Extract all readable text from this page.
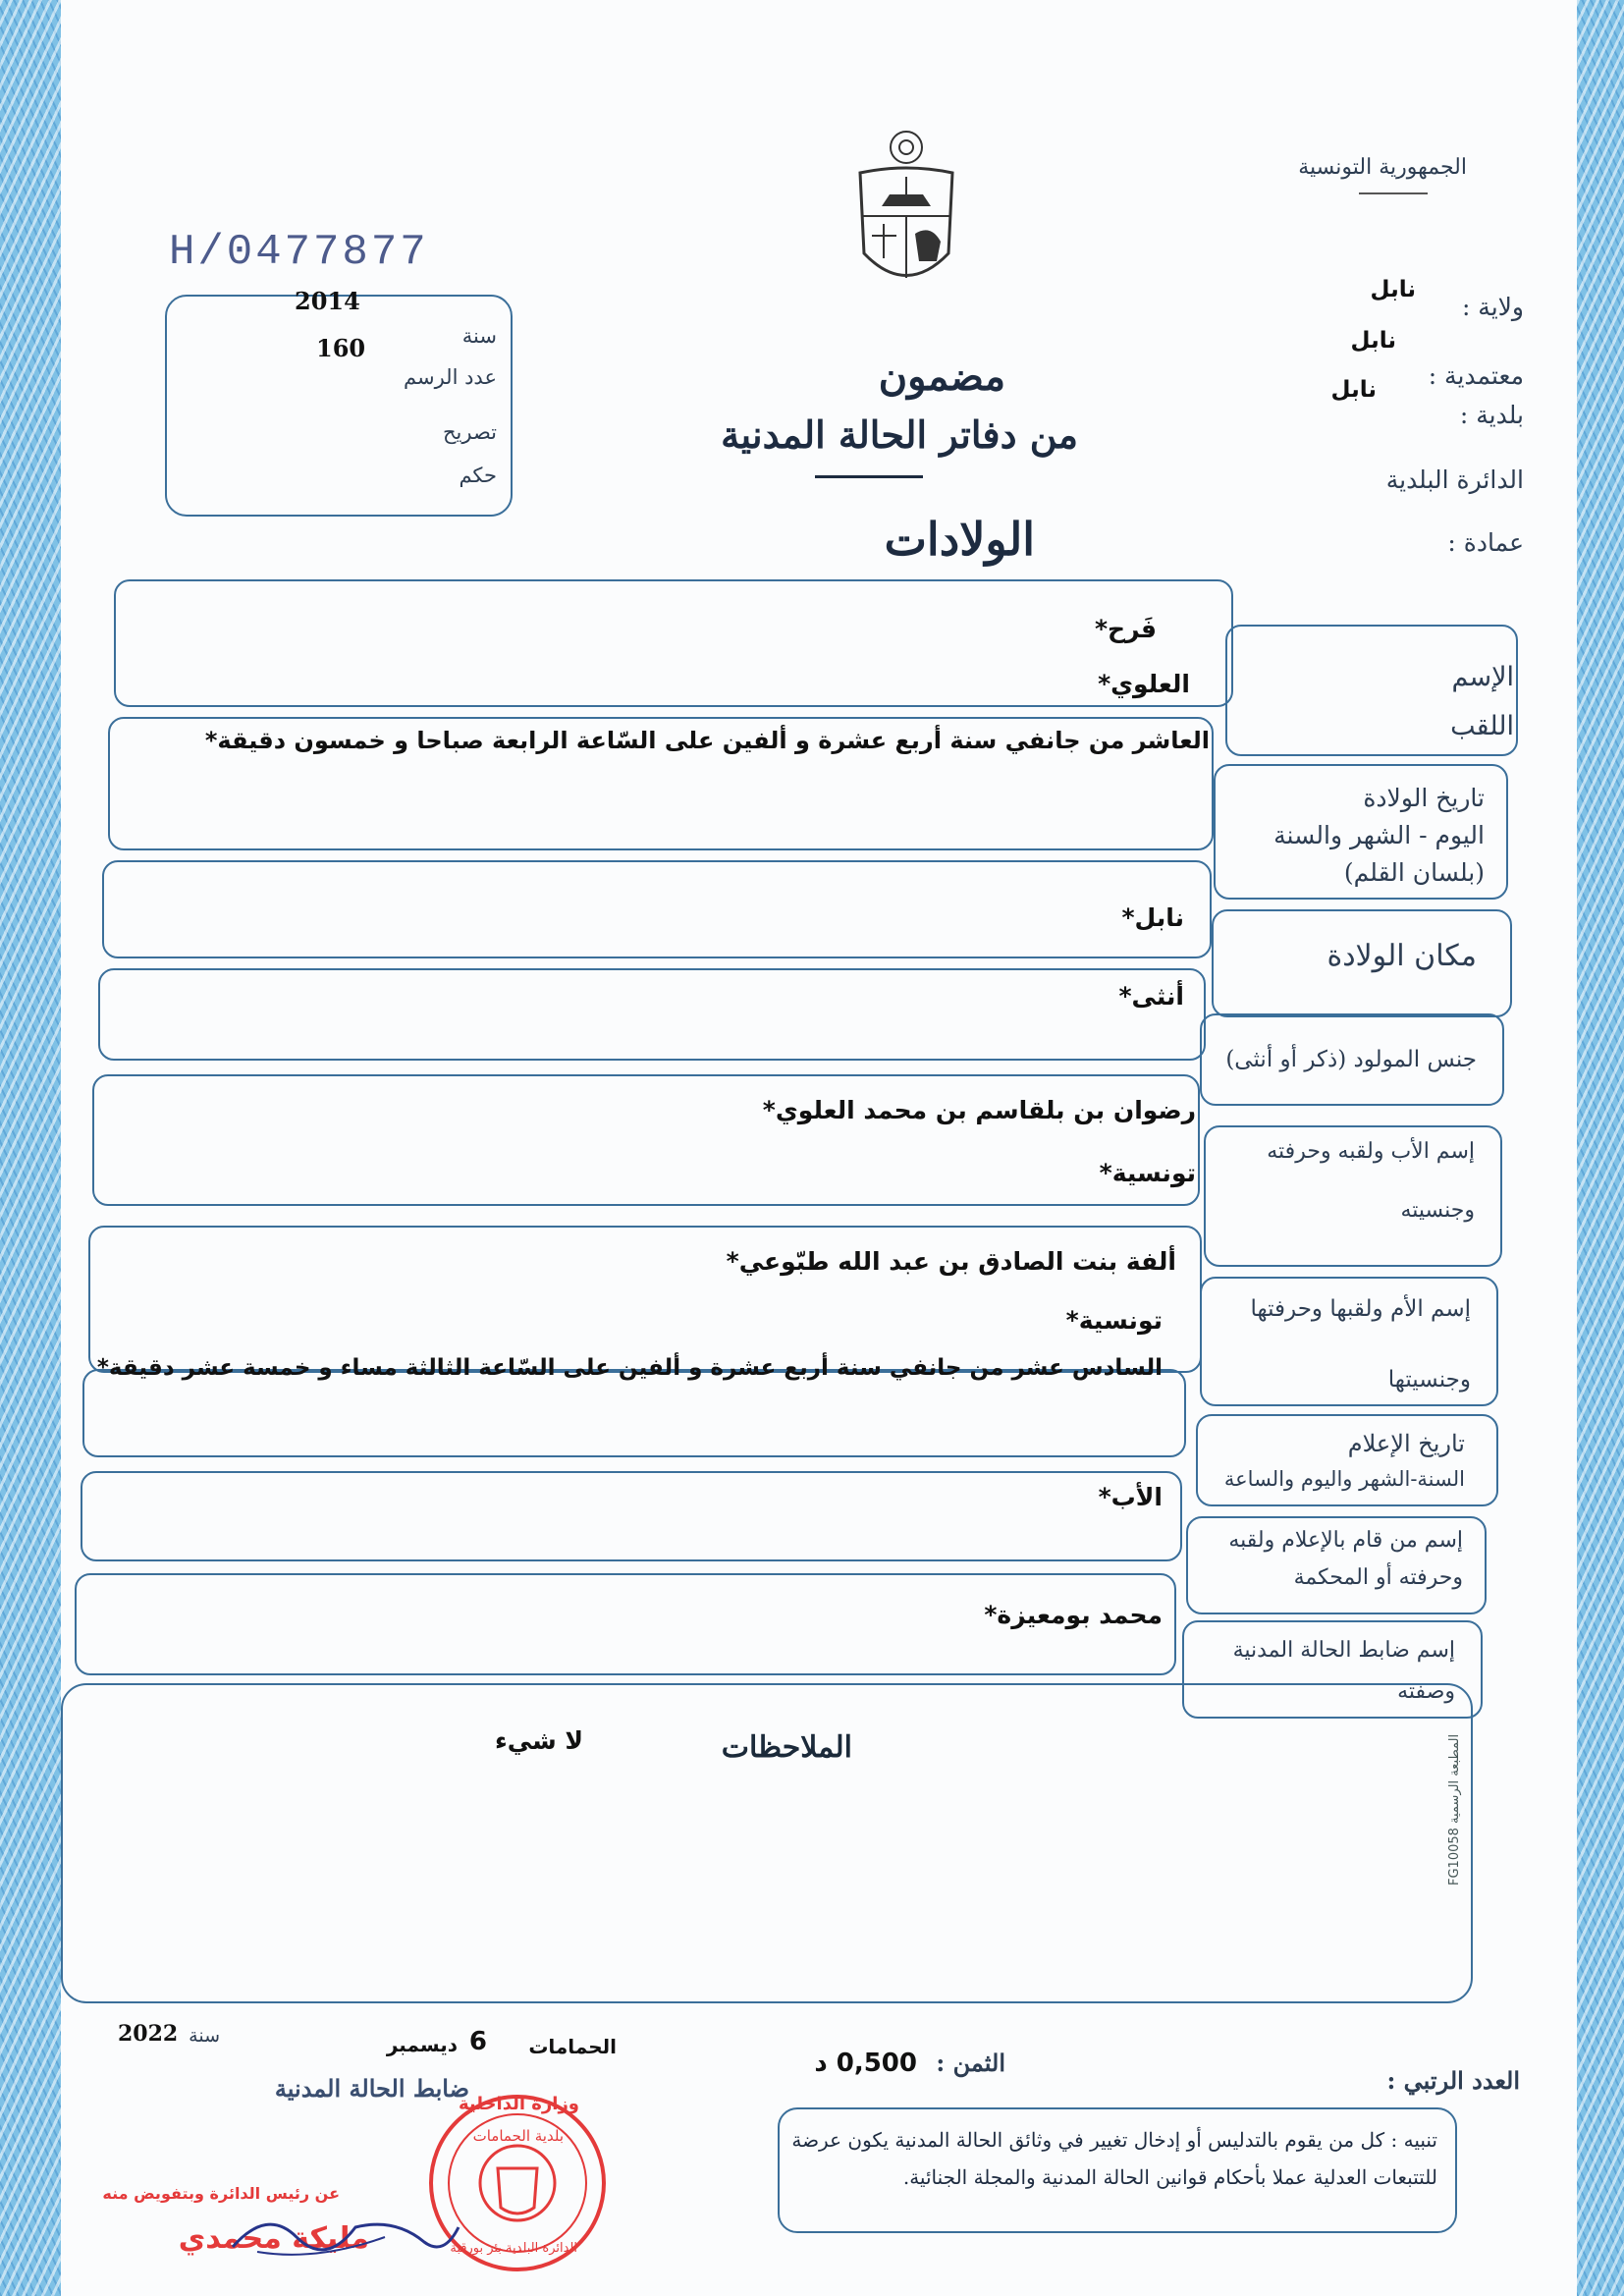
الجمهورية التونسية
H/0477877
2014
سنة
160
عدد الرسم
تصريح
حكم
مضمون
من دفاتر الحالة المدنية
الولادات
ولاية :
نابل
نابل
معتمدية :
نابل
بلدية :
الدائرة البلدية
عمادة :
الإسم
اللقب
فَرح*
العلوي*
تاريخ الولادة
اليوم - الشهر والسنة
(بلسان القلم)
العاشر من جانفي سنة أربع عشرة و ألفين على السّاعة الرابعة صباحا و خمسون دقيقة*
مكان الولادة
نابل*
جنس المولود (ذكر أو أنثى)
أنثى*
إسم الأب ولقبه وحرفته
وجنسيته
رضوان بن بلقاسم بن محمد العلوي*
تونسية*
إسم الأم ولقبها وحرفتها
وجنسيتها
ألفة بنت الصادق بن عبد الله طبّوعي*
تونسية*
تاريخ الإعلام
السنة-الشهر واليوم والساعة
السادس عشر من جانفي سنة أربع عشرة و ألفين على السّاعة الثالثة مساء و خمسة عشر دقيقة*
إسم من قام بالإعلام ولقبه
وحرفته أو المحكمة
الأب*
إسم ضابط الحالة المدنية
وصفته
محمد بومعيزة*
الملاحظات
لا شيء
المطبعة الرسمية FG10058
العدد الرتبي :
الثمن :
0,500 د
الحمامات
6
ديسمبر
سنة
2022
ضابط الحالة المدنية
تنبيه : كل من يقوم بالتدليس أو إدخال تغيير في وثائق الحالة المدنية يكون عرضة
للتتبعات العدلية عملا بأحكام قوانين الحالة المدنية والمجلة الجنائية.
وزارة الداخلية
بلدية الحمامات
الدائرة البلدية بئر بورقبة
عن رئيس الدائرة وبتفويض منه
مليكة محمدي
